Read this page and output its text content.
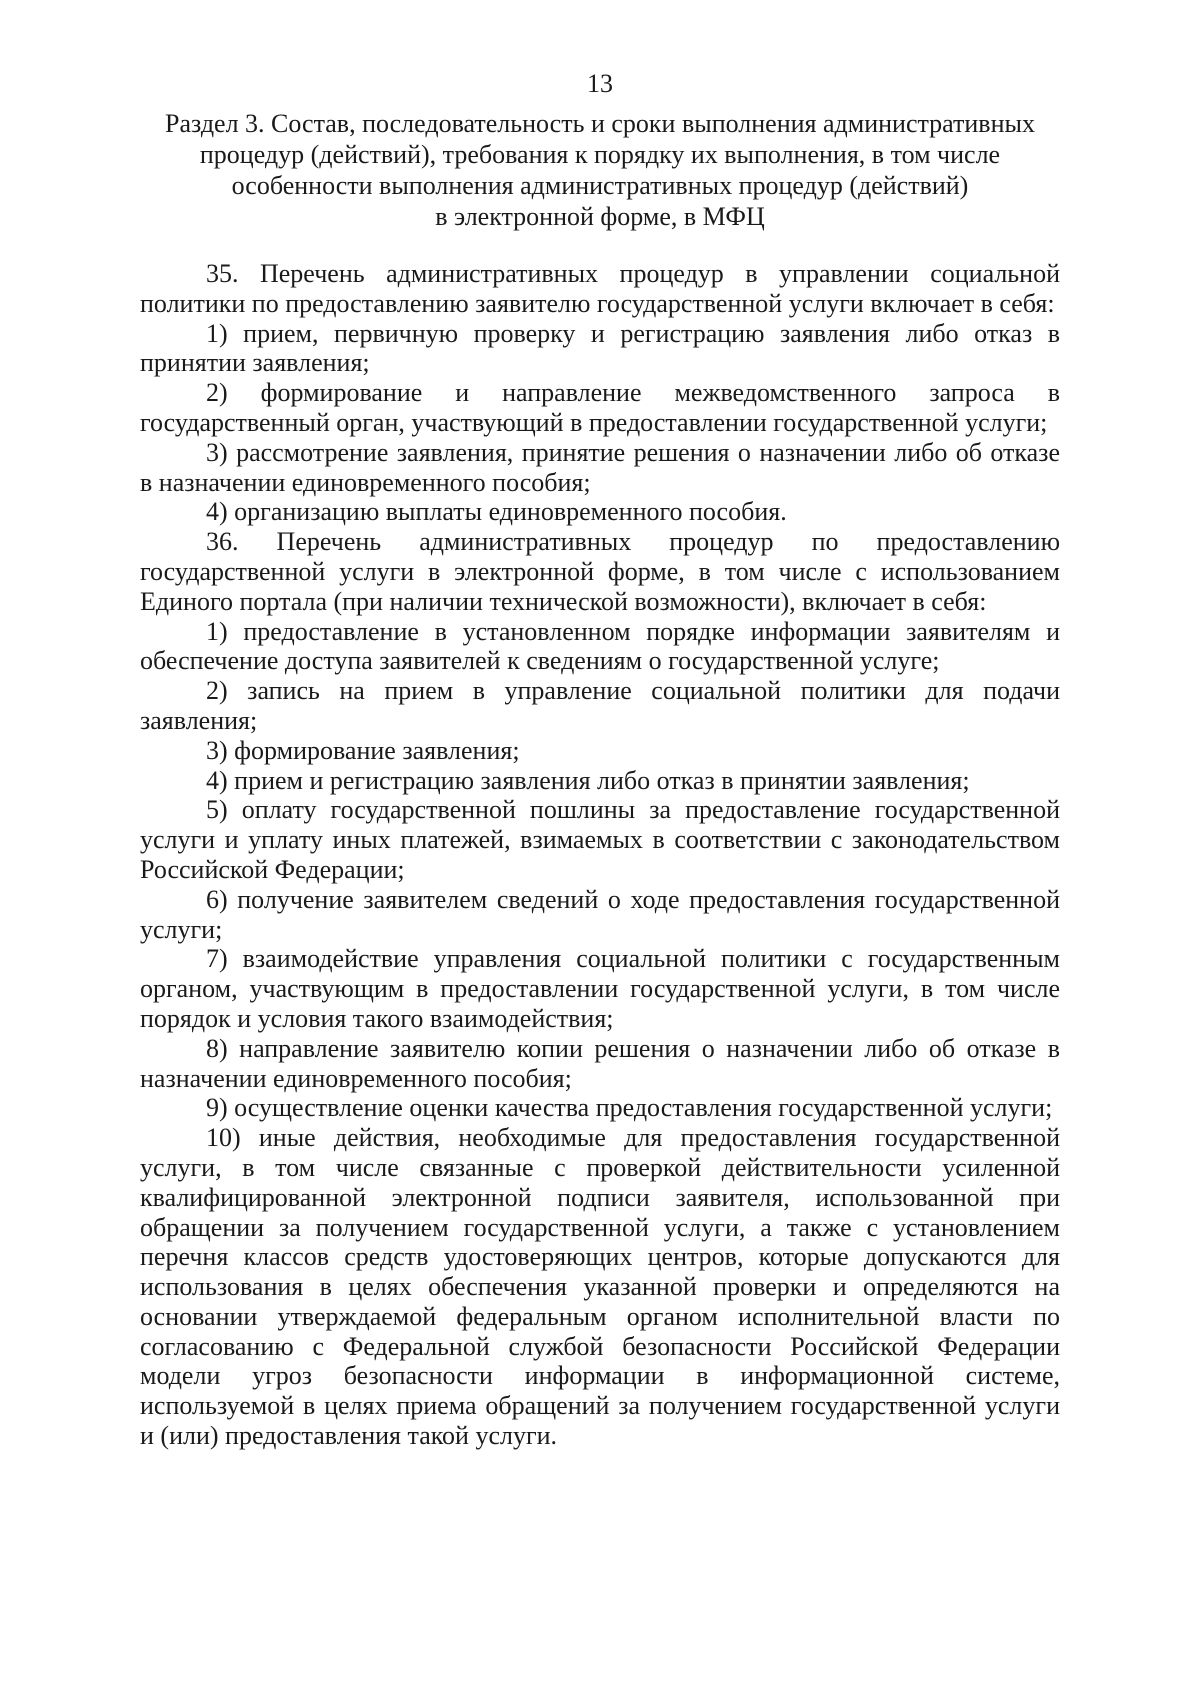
13
Раздел 3. Состав, последовательность и сроки выполнения административных
процедур (действий), требования к порядку их выполнения, в том числе
особенности выполнения административных процедур (действий)
в электронной форме, в МФЦ

35. Перечень административных процедур в управлении социальной политики по предоставлению заявителю государственной услуги включает в себя:

1) прием, первичную проверку и регистрацию заявления либо отказ в принятии заявления;

2) формирование и направление межведомственного запроса в государственный орган, участвующий в предоставлении государственной услуги;

3) рассмотрение заявления, принятие решения о назначении либо об отказе в назначении единовременного пособия;

4) организацию выплаты единовременного пособия.

36. Перечень административных процедур по предоставлению государственной услуги в электронной форме, в том числе с использованием Единого портала (при наличии технической возможности), включает в себя:

1) предоставление в установленном порядке информации заявителям и обеспечение доступа заявителей к сведениям о государственной услуге;

2) запись на прием в управление социальной политики для подачи заявления;

3) формирование заявления;

4) прием и регистрацию заявления либо отказ в принятии заявления;

5) оплату государственной пошлины за предоставление государственной услуги и уплату иных платежей, взимаемых в соответствии с законодательством Российской Федерации;

6) получение заявителем сведений о ходе предоставления государственной услуги;

7) взаимодействие управления социальной политики с государственным органом, участвующим в предоставлении государственной услуги, в том числе порядок и условия такого взаимодействия;

8) направление заявителю копии решения о назначении либо об отказе в назначении единовременного пособия;

9) осуществление оценки качества предоставления государственной услуги;

10) иные действия, необходимые для предоставления государственной услуги, в том числе связанные с проверкой действительности усиленной квалифицированной электронной подписи заявителя, использованной при обращении за получением государственной услуги, а также с установлением перечня классов средств удостоверяющих центров, которые допускаются для использования в целях обеспечения указанной проверки и определяются на основании утверждаемой федеральным органом исполнительной власти по согласованию с Федеральной службой безопасности Российской Федерации модели угроз безопасности информации в информационной системе, используемой в целях приема обращений за получением государственной услуги и (или) предоставления такой услуги.
